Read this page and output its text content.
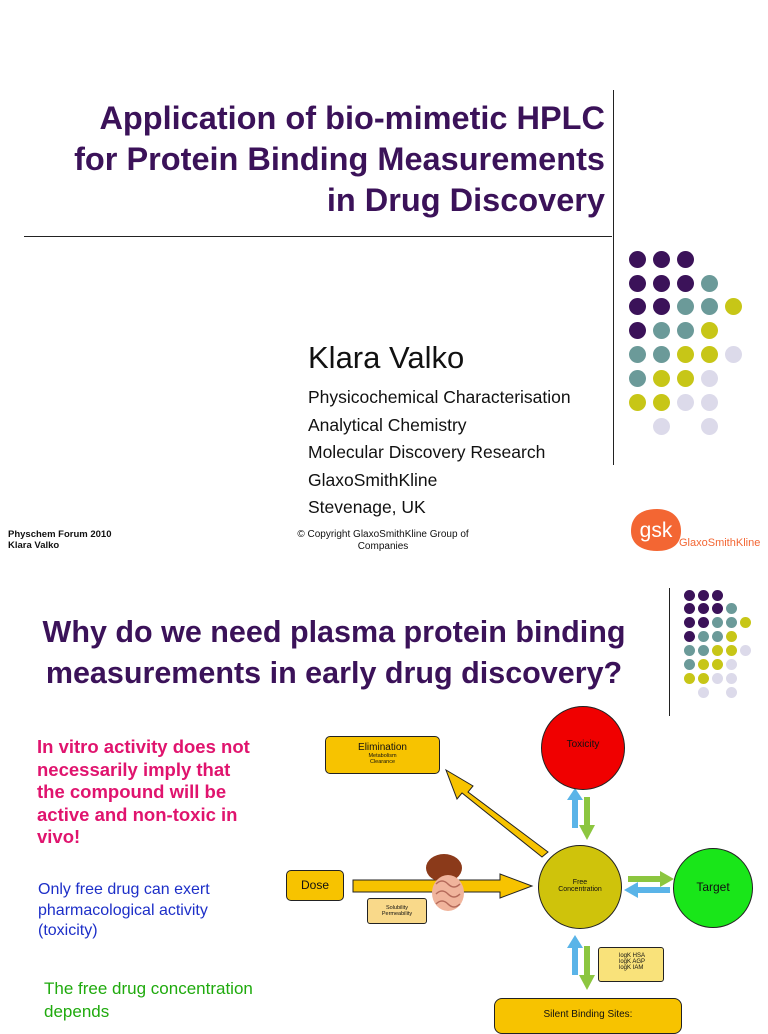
Application of bio-mimetic HPLC
for Protein Binding Measurements
in Drug Discovery
Klara Valko
Physicochemical Characterisation
Analytical Chemistry
Molecular Discovery Research
GlaxoSmithKline
Stevenage, UK
Physchem Forum 2010
Klara Valko
© Copyright GlaxoSmithKline Group of
Companies
gsk
GlaxoSmithKline
Why do we need plasma protein binding
measurements in early drug discovery?
In vitro activity does not necessarily imply that the compound will be active and non-toxic in vivo!
Only free drug can exert pharmacological activity (toxicity)
The free drug concentration depends
Elimination
Metabolism
Clearance
Toxicity
Dose
Solubility
Permeability
Free
Concentration	Target
logK HSA
logK AGP
logK IAM
Silent Binding Sites:
